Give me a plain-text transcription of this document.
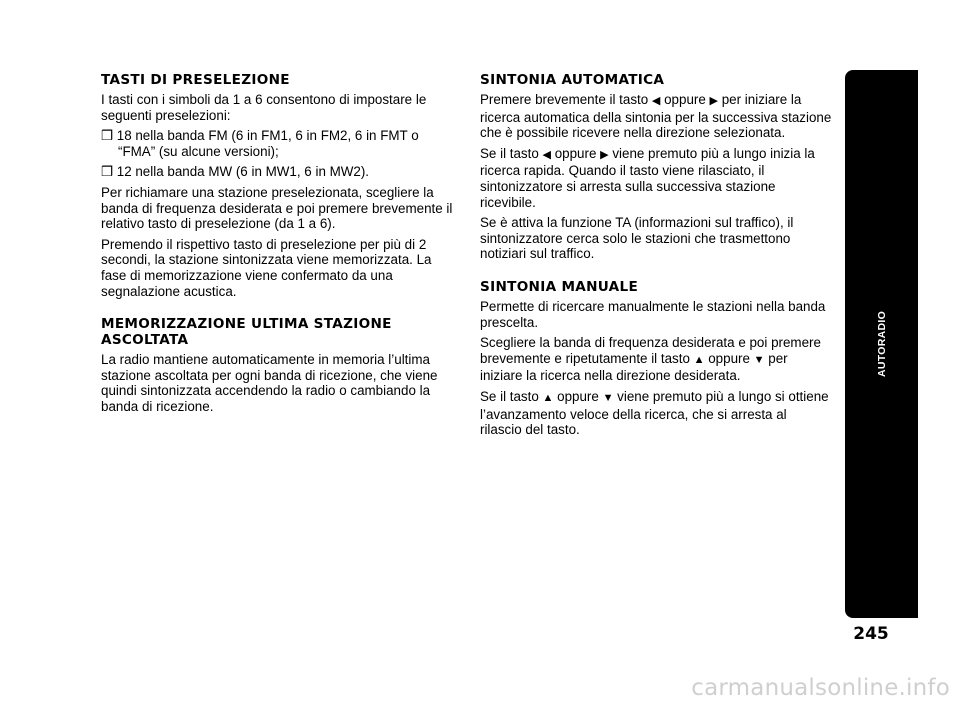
TASTI DI PRESELEZIONE

I tasti con i simboli da 1 a 6 consentono di impostare le seguenti preselezioni:

❒ 18 nella banda FM (6 in FM1, 6 in FM2, 6 in FMT o “FMA” (su alcune versioni);

❒ 12 nella banda MW (6 in MW1, 6 in MW2).

Per richiamare una stazione preselezionata, scegliere la banda di frequenza desiderata e poi premere brevemente il relativo tasto di preselezione (da 1 a 6).

Premendo il rispettivo tasto di preselezione per più di 2 secondi, la stazione sintonizzata viene memorizzata. La fase di memorizzazione viene confermato da una segnalazione acustica.

MEMORIZZAZIONE ULTIMA STAZIONE ASCOLTATA

La radio mantiene automaticamente in memoria l’ultima stazione ascoltata per ogni banda di ricezione, che viene quindi sintonizzata accendendo la radio o cambiando la banda di ricezione.

SINTONIA AUTOMATICA

Premere brevemente il tasto ◀ oppure ▶ per iniziare la ricerca automatica della sintonia per la successiva stazione che è possibile ricevere nella direzione selezionata.

Se il tasto ◀ oppure ▶ viene premuto più a lungo inizia la ricerca rapida. Quando il tasto viene rilasciato, il sintonizzatore si arresta sulla successiva stazione ricevibile.

Se è attiva la funzione TA (informazioni sul traffico), il sintonizzatore cerca solo le stazioni che trasmettono notiziari sul traffico.

SINTONIA MANUALE

Permette di ricercare manualmente le stazioni nella banda prescelta.

Scegliere la banda di frequenza desiderata e poi premere brevemente e ripetutamente il tasto ▲ oppure ▼ per iniziare la ricerca nella direzione desiderata.

Se il tasto ▲ oppure ▼ viene premuto più a lungo si ottiene l’avanzamento veloce della ricerca, che si arresta al rilascio del tasto.

AUTORADIO
245
carmanualsonline.info
